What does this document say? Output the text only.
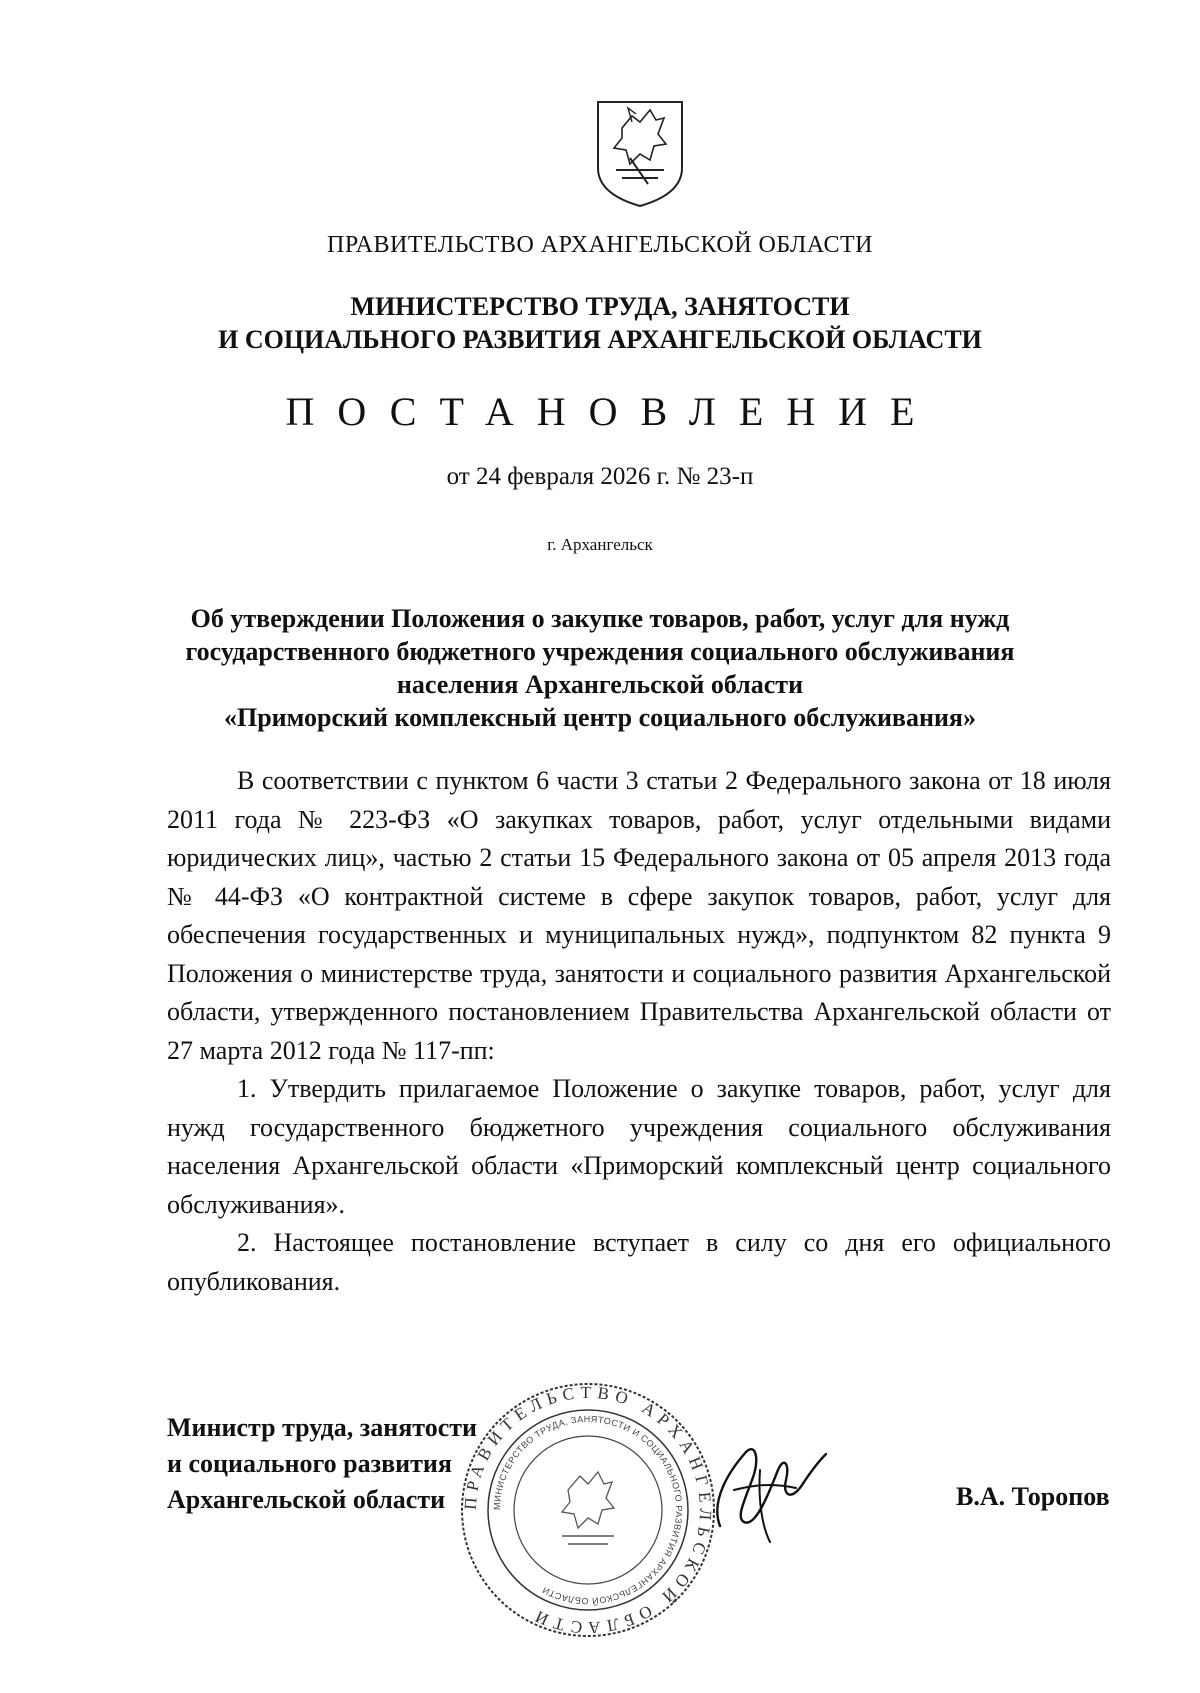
ПРАВИТЕЛЬСТВО АРХАНГЕЛЬСКОЙ ОБЛАСТИ
МИНИСТЕРСТВО ТРУДА, ЗАНЯТОСТИ
И СОЦИАЛЬНОГО РАЗВИТИЯ АРХАНГЕЛЬСКОЙ ОБЛАСТИ
ПОСТАНОВЛЕНИЕ
от 24 февраля 2026 г. № 23-п
г. Архангельск
Об утверждении Положения о закупке товаров, работ, услуг для нужд
государственного бюджетного учреждения социального обслуживания
населения Архангельской области
«Приморский комплексный центр социального обслуживания»

В соответствии с пунктом 6 части 3 статьи 2 Федерального закона от 18 июля 2011 года № 223-ФЗ «О закупках товаров, работ, услуг отдельными видами юридических лиц», частью 2 статьи 15 Федерального закона от 05 апреля 2013 года № 44-ФЗ «О контрактной системе в сфере закупок товаров, работ, услуг для обеспечения государственных и муниципальных нужд», подпунктом 82 пункта 9 Положения о министерстве труда, занятости и социального развития Архангельской области, утвержденного постановлением Правительства Архангельской области от 27 марта 2012 года № 117-пп:

1. Утвердить прилагаемое Положение о закупке товаров, работ, услуг для нужд государственного бюджетного учреждения социального обслуживания населения Архангельской области «Приморский комплексный центр социального обслуживания».

2. Настоящее постановление вступает в силу со дня его официального опубликования.

Министр труда, занятости
и социального развития
Архангельской области ПРАВИТЕЛЬСТВО АРХАНГЕЛЬСКОЙ ОБЛАСТИ
МИНИСТЕРСТВО ТРУДА, ЗАНЯТОСТИ И СОЦИАЛЬНОГО РАЗВИТИЯ АРХАНГЕЛЬСКОЙ ОБЛАСТИ
В.А. Торопов
